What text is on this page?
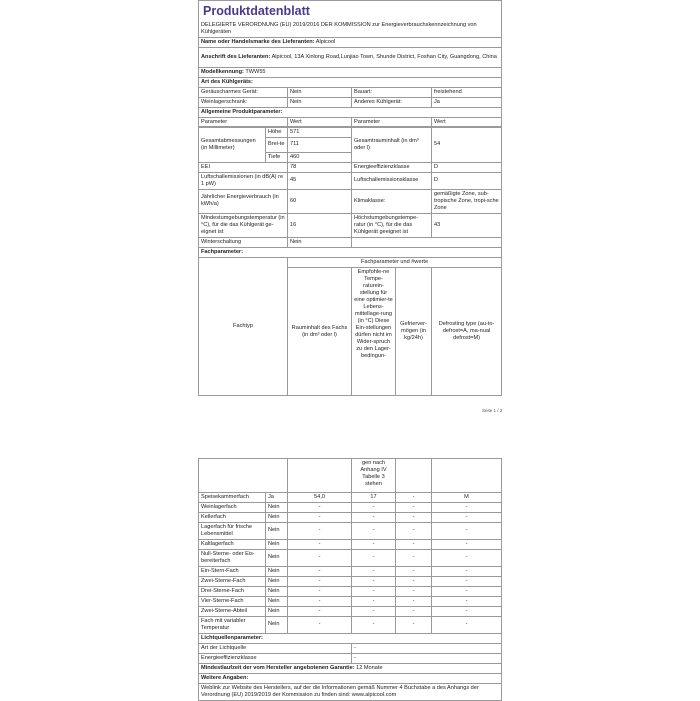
Produktdatenblatt			

DELEGIERTE VERORDNUNG (EU) 2019/2016 DER KOMMISSION zur Energieverbrauchskennzeichnung von Kühlgeräten			
Name oder Handelsmarke des Lieferanten: Alpicool			
Anschrift des Lieferanten: Alpicool, 13A Xinlong Road,Lunjiao Town, Shunde District, Foshan City, Guangdong, China			
Modellkennung: TWW55			
Art des Kühlgeräts:			
Geräuscharmes Gerät:	Nein	Bauart:	freistehend
Weinlagerschrank:	Nein	Anderes Kühlgerät:	Ja
Allgemeine Produktparameter:			
Parameter	Wert	Parameter	Wert
Gesamtabmessungen (in Millimeter)	Höhe	571	Gesamtrauminhalt (in dm³ oder l)	54
	Brei-te	711		
	Tiefe	460		
EEI		78	Energieeffizienzklasse	D
Luftschallemissionen (in dB(A) re 1 pW)		45	Luftschallemissionsklasse	D
Jährlicher Energieverbrauch (in kWh/a)		60	Klimaklasse:	gemäßigte Zone, sub-tropische Zone, tropi-sche Zone
Mindestumgebungstemperatur (in °C), für die das Kühlgerät ge-eignet ist		16	Höchstumgebungstempe-ratur (in °C), für die das Kühlgerät geeignet ist	43
Winterschaltung		Nein		
Fachparameter:				
Fachtyp	Fachparameter und #werte			
	Rauminhalt des Fachs (in dm³ oder l)	Empfohle-ne Tempe-raturein-stellung für eine optimier-te Lebens-mittellage-rung (in °C) Diese Ein-stellungen dürfen nicht im Wider-spruch zu den Lager-bedingun-	Gefrierver-mögen (in kg/24h)	Defrosting type (au-to-defrost=A, ma-nual defrost=M)
Seite 1 / 2
			gen nach Anhang IV Tabelle 3 stehen		
Speisekammerfach	Ja	54,0	17	-	M
Weinlagerfach	Nein	-	-	-	-
Kellerfach	Nein	-	-	-	-
Lagerfach für frische Lebensmittel	Nein	-	-	-	-
Kaltlagerfach	Nein	-	-	-	-
Null-Sterne- oder Eis-bereiterfach	Nein	-	-	-	-
Ein-Stern-Fach	Nein	-	-	-	-
Zwei-Sterne-Fach	Nein	-	-	-	-
Drei-Sterne-Fach	Nein	-	-	-	-
Vier-Sterne-Fach	Nein	-	-	-	-
Zwei-Sterne-Abteil	Nein	-	-	-	-
Fach mit variabler Temperatur	Nein	-	-	-	-
Lichtquellenparameter:	
Art der Lichtquelle	-
Energieeffizienzklasse	-
Mindestlaufzeit der vom Hersteller angebotenen Garantie: 12 Monate	
Weitere Angaben:	
Weblink zur Website des Herstellers, auf der die Informationen gemäß Nummer 4 Buchstabe a des Anhangs der Verordnung (EU) 2019/2019 der Kommission zu finden sind: www.alpicool.com	
